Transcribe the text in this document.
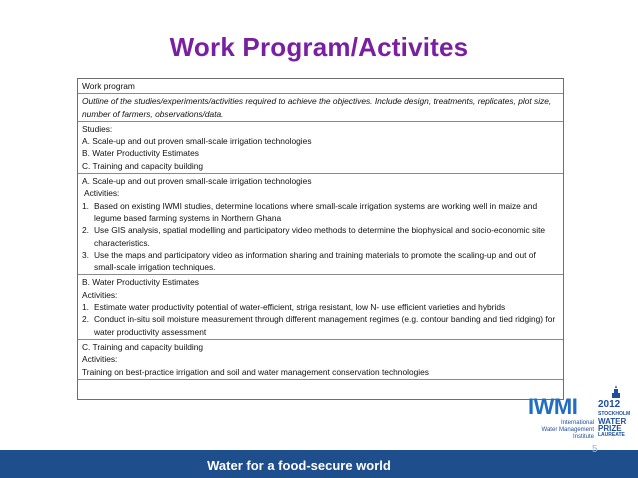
Work Program/Activites
Work program
Outline of the studies/experiments/activities required to achieve the objectives. Include design, treatments, replicates, plot size, number of farmers, observations/data.
Studies:
A. Scale-up and out proven small-scale irrigation technologies
B. Water Productivity Estimates
C. Training and capacity building
A. Scale-up and out proven small-scale irrigation technologies
Activities:
1. Based on existing IWMI studies, determine locations where small-scale irrigation systems are working well in maize and legume based farming systems in Northern Ghana
2. Use GIS analysis, spatial modelling and participatory video methods to determine the biophysical and socio-economic site characteristics.
3. Use the maps and participatory video as information sharing and training materials to promote the scaling-up and out of small-scale irrigation techniques.
B. Water Productivity Estimates
Activities:
1. Estimate water productivity potential of water-efficient, striga resistant, low N- use efficient varieties and hybrids
2. Conduct in-situ soil moisture measurement through different management regimes (e.g. contour banding and tied ridging) for water productivity assessment
C. Training and capacity building
Activities:
Training on best-practice irrigation and soil and water management conservation technologies
IWMI
International
Water Management
Institute
2012
STOCKHOLM
WATER
PRIZE
LAUREATE
Water for a food-secure world
5
